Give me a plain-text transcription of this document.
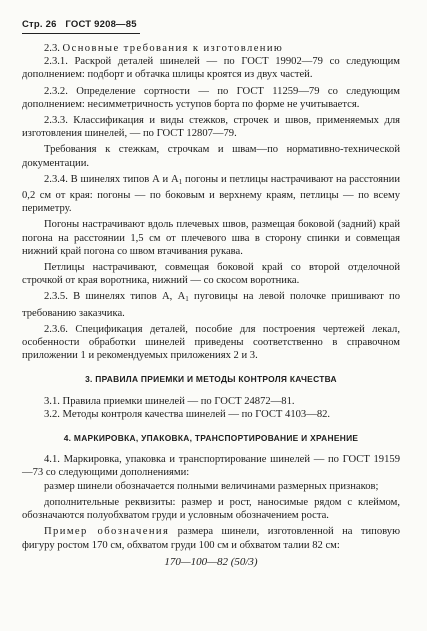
Стр. 26 ГОСТ 9208—85

2.3. Основные требования к изготовлению

2.3.1. Раскрой деталей шинелей — по ГОСТ 19902—79 со следующим дополнением: подборт и обтачка шлицы кроятся из двух частей.

2.3.2. Определение сортности — по ГОСТ 11259—79 со следующим дополнением: несимметричность уступов борта по форме не учитывается.

2.3.3. Классификация и виды стежков, строчек и швов, применяемых для изготовления шинелей, — по ГОСТ 12807—79.

Требования к стежкам, строчкам и швам—по нормативно-технической документации.

2.3.4. В шинелях типов А и $А_1$ погоны и петлицы настрачивают на расстоянии 0,2 см от края: погоны — по боковым и верхнему краям, петлицы — по всему периметру.

Погоны настрачивают вдоль плечевых швов, размещая боковой (задний) край погона на расстоянии 1,5 см от плечевого шва в сторону спинки и совмещая нижний край погона со швом втачивания рукава.

Петлицы настрачивают, совмещая боковой край со второй отделочной строчкой от края воротника, нижний — со скосом воротника.

2.3.5. В шинелях типов А, $А_1$ пуговицы на левой полочке пришивают по требованию заказчика.

2.3.6. Спецификация деталей, пособие для построения чертежей лекал, особенности обработки шинелей приведены соответственно в справочном приложении 1 и рекомендуемых приложениях 2 и 3.

3. ПРАВИЛА ПРИЕМКИ И МЕТОДЫ КОНТРОЛЯ КАЧЕСТВА

3.1. Правила приемки шинелей — по ГОСТ 24872—81.

3.2. Методы контроля качества шинелей — по ГОСТ 4103—82.

4. МАРКИРОВКА, УПАКОВКА, ТРАНСПОРТИРОВАНИЕ И ХРАНЕНИЕ

4.1. Маркировка, упаковка и транспортирование шинелей — по ГОСТ 19159—73 со следующими дополнениями:

размер шинели обозначается полными величинами размерных признаков;

дополнительные реквизиты: размер и рост, наносимые рядом с клеймом, обозначаются полуобхватом груди и условным обозначением роста.

Пример обозначения размера шинели, изготовленной на типовую фигуру ростом 170 см, обхватом груди 100 см и обхватом талии 82 см:

170—100—82 (50/3)
